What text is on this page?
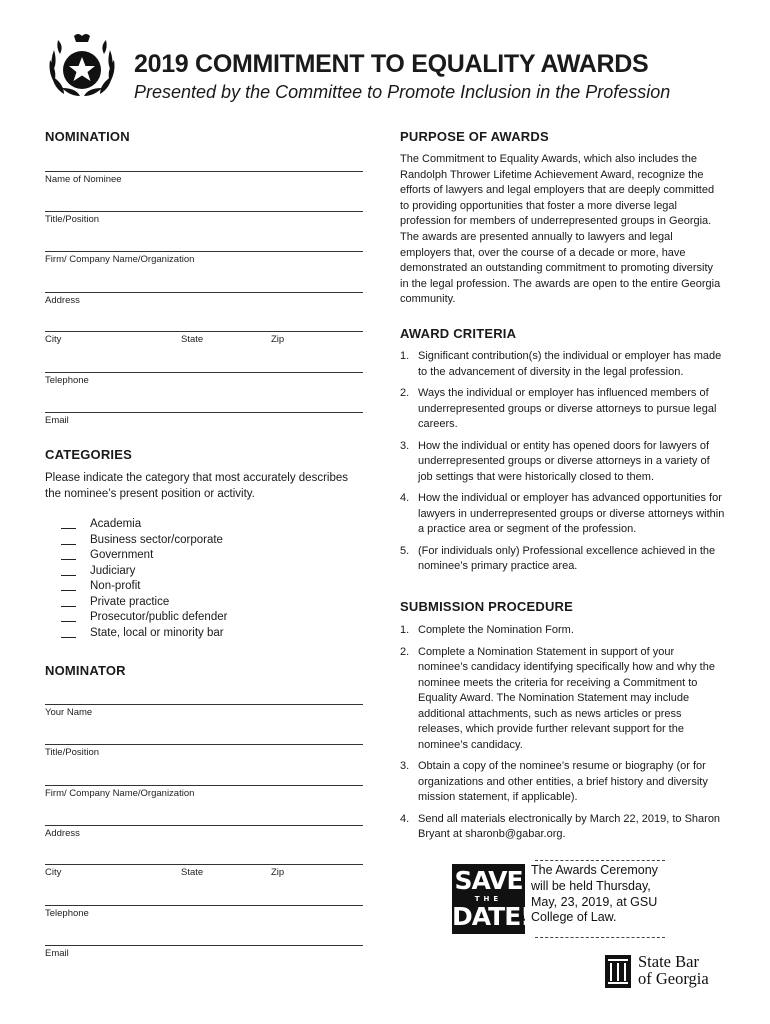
2019 COMMITMENT TO EQUALITY AWARDS
Presented by the Committee to Promote Inclusion in the Profession
NOMINATION
Name of Nominee
Title/Position
Firm/ Company Name/Organization
Address
City	State	Zip
Telephone
Email
CATEGORIES
Please indicate the category that most accurately describes the nominee’s present position or activity.
Academia
Business sector/corporate
Government
Judiciary
Non-profit
Private practice
Prosecutor/public defender
State, local or minority bar
NOMINATOR
Your Name
Title/Position
Firm/ Company Name/Organization
Address
City	State	Zip
Telephone
Email
PURPOSE OF AWARDS
The Commitment to Equality Awards, which also includes the Randolph Thrower Lifetime Achievement Award, recognize the efforts of lawyers and legal employers that are deeply committed to providing opportunities that foster a more diverse legal profession for members of underrepresented groups in Georgia. The awards are presented annually to lawyers and legal employers that, over the course of a decade or more, have demonstrated an outstanding commitment to promoting diversity in the legal profession. The awards are open to the entire Georgia community.
AWARD CRITERIA
1. Significant contribution(s) the individual or employer has made to the advancement of diversity in the legal profession.
2. Ways the individual or employer has influenced members of underrepresented groups or diverse attorneys to pursue legal careers.
3. How the individual or entity has opened doors for lawyers of underrepresented groups or diverse attorneys in a variety of job settings that were historically closed to them.
4. How the individual or employer has advanced opportunities for lawyers in underrepresented groups or diverse attorneys within a practice area or segment of the profession.
5. (For individuals only) Professional excellence achieved in the nominee’s primary practice area.
SUBMISSION PROCEDURE
1. Complete the Nomination Form.
2. Complete a Nomination Statement in support of your nominee’s candidacy identifying specifically how and why the nominee meets the criteria for receiving a Commitment to Equality Award. The Nomination Statement may include additional attachments, such as news articles or press releases, which provide further relevant support for the nominee’s candidacy.
3. Obtain a copy of the nominee’s resume or biography (or for organizations and other entities, a brief history and diversity mission statement, if applicable).
4. Send all materials electronically by March 22, 2019, to Sharon Bryant at sharonb@gabar.org.
SAVE
THE
DATE!
The Awards Ceremony will be held Thursday, May, 23, 2019, at GSU College of Law.
State Bar
of Georgia
